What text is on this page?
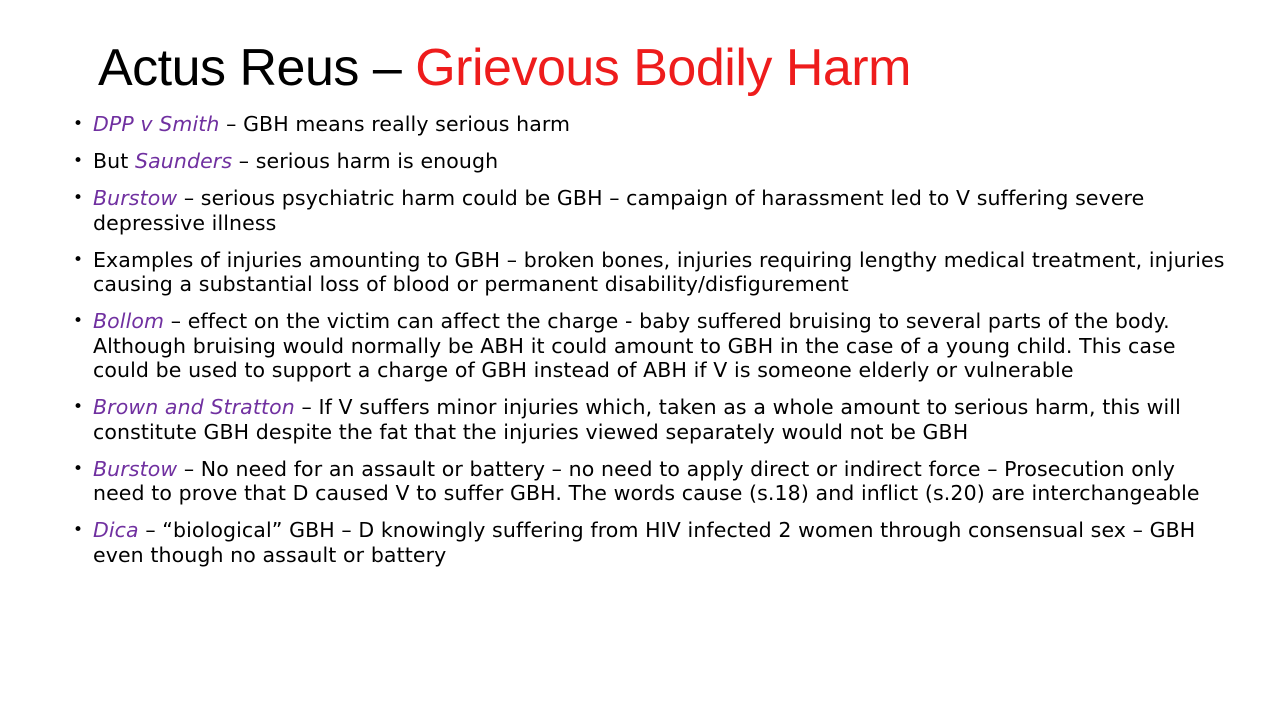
Actus Reus – Grievous Bodily Harm
• DPP v Smith – GBH means really serious harm
• But Saunders – serious harm is enough
• Burstow – serious psychiatric harm could be GBH – campaign of harassment led to V suffering severe depressive illness
• Examples of injuries amounting to GBH – broken bones, injuries requiring lengthy medical treatment, injuries causing a substantial loss of blood or permanent disability/disfigurement
• Bollom – effect on the victim can affect the charge - baby suffered bruising to several parts of the body. Although bruising would normally be ABH it could amount to GBH in the case of a young child. This case could be used to support a charge of GBH instead of ABH if V is someone elderly or vulnerable
• Brown and Stratton – If V suffers minor injuries which, taken as a whole amount to serious harm, this will constitute GBH despite the fat that the injuries viewed separately would not be GBH
• Burstow – No need for an assault or battery – no need to apply direct or indirect force – Prosecution only need to prove that D caused V to suffer GBH. The words cause (s.18) and inflict (s.20) are interchangeable
• Dica – “biological” GBH – D knowingly suffering from HIV infected 2 women through consensual sex – GBH even though no assault or battery
